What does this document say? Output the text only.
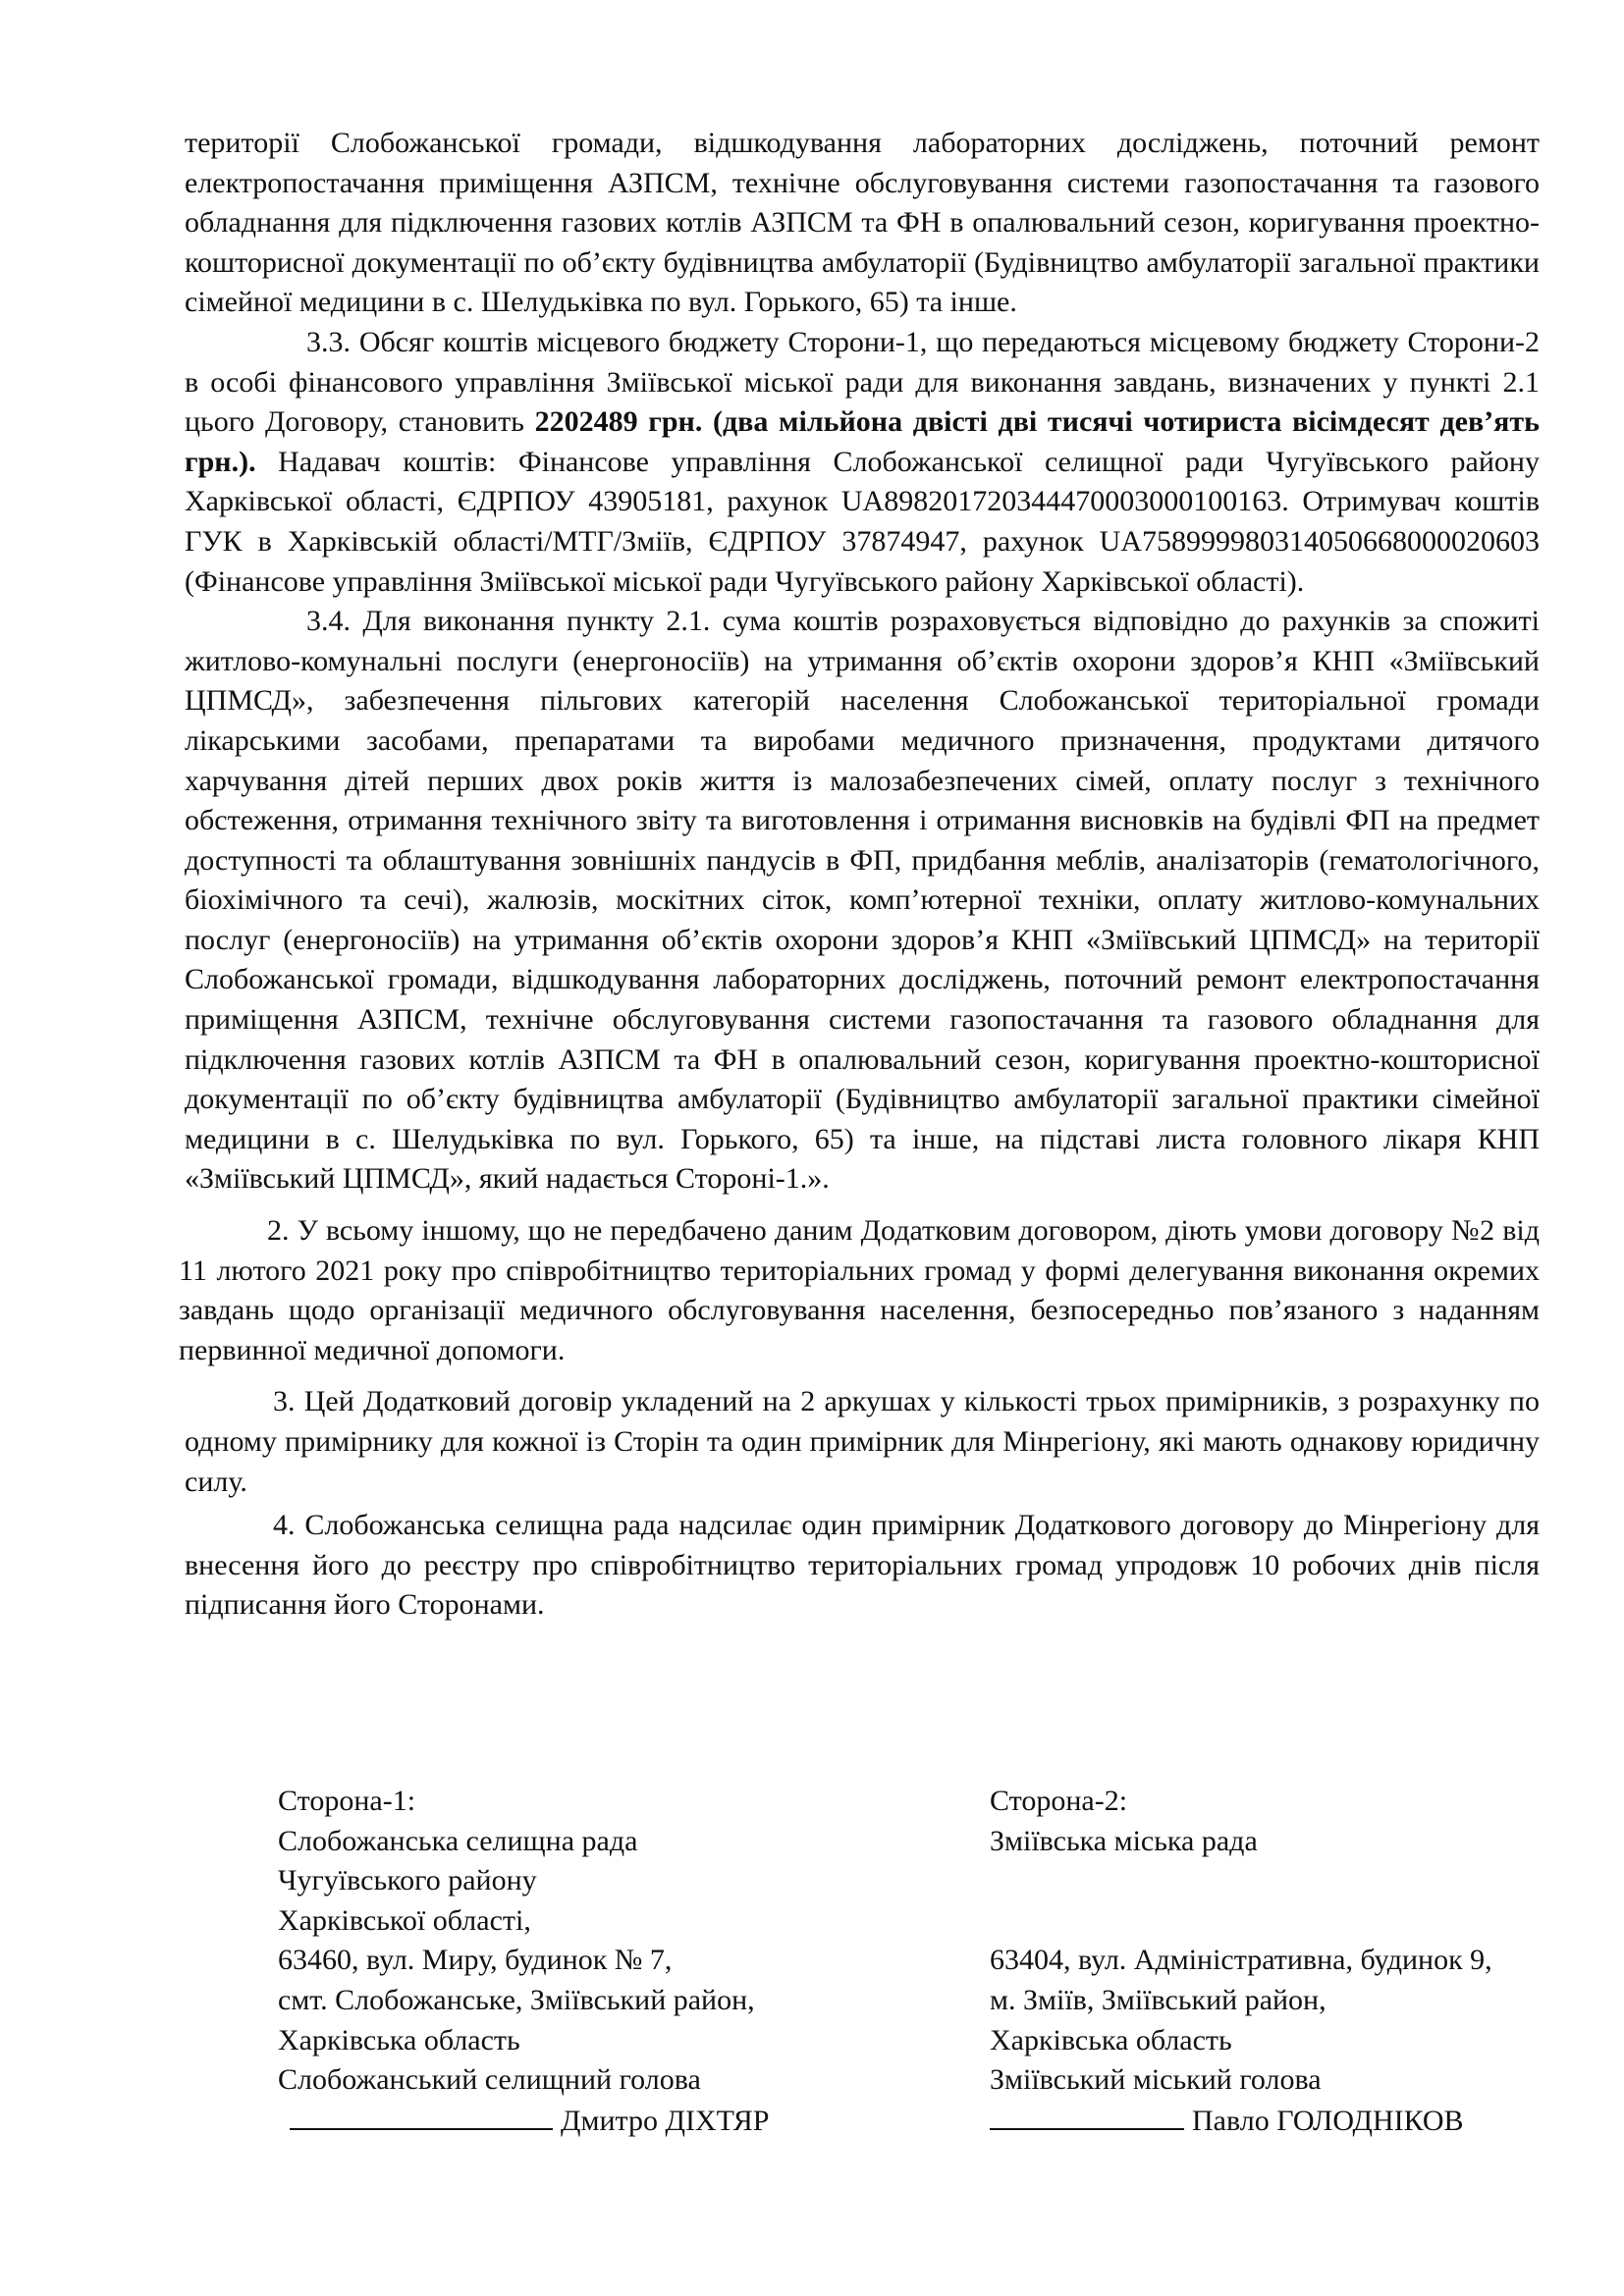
території Слобожанської громади, відшкодування лабораторних досліджень, поточний ремонт електропостачання приміщення АЗПСМ, технічне обслуговування системи газопостачання та газового обладнання для підключення газових котлів АЗПСМ та ФН в опалювальний сезон, коригування проектно-кошторисної документації по об’єкту будівництва амбулаторії (Будівництво амбулаторії загальної практики сімейної медицини в с. Шелудьківка по вул. Горького, 65) та інше.

3.3. Обсяг коштів місцевого бюджету Сторони-1, що передаються місцевому бюджету Сторони-2 в особі фінансового управління Зміївської міської ради для виконання завдань, визначених у пункті 2.1 цього Договору, становить 2202489 грн. (два мільйона двісті дві тисячі чотириста вісімдесят дев’ять грн.). Надавач коштів: Фінансове управління Слобожанської селищної ради Чугуївського району Харківської області, ЄДРПОУ 43905181, рахунок UA898201720344470003000100163. Отримувач коштів ГУК в Харківській області/МТГ/Зміїв, ЄДРПОУ 37874947, рахунок UA758999980314050668000020603 (Фінансове управління Зміївської міської ради Чугуївського району Харківської області).

3.4. Для виконання пункту 2.1. сума коштів розраховується відповідно до рахунків за спожиті житлово-комунальні послуги (енергоносіїв) на утримання об’єктів охорони здоров’я КНП «Зміївський ЦПМСД», забезпечення пільгових категорій населення Слобожанської територіальної громади лікарськими засобами, препаратами та виробами медичного призначення, продуктами дитячого харчування дітей перших двох років життя із малозабезпечених сімей, оплату послуг з технічного обстеження, отримання технічного звіту та виготовлення і отримання висновків на будівлі ФП на предмет доступності та облаштування зовнішніх пандусів в ФП, придбання меблів, аналізаторів (гематологічного, біохімічного та сечі), жалюзів, москітних сіток, комп’ютерної техніки, оплату житлово-комунальних послуг (енергоносіїв) на утримання об’єктів охорони здоров’я КНП «Зміївський ЦПМСД» на території Слобожанської громади, відшкодування лабораторних досліджень, поточний ремонт електропостачання приміщення АЗПСМ, технічне обслуговування системи газопостачання та газового обладнання для підключення газових котлів АЗПСМ та ФН в опалювальний сезон, коригування проектно-кошторисної документації по об’єкту будівництва амбулаторії (Будівництво амбулаторії загальної практики сімейної медицини в с. Шелудьківка по вул. Горького, 65) та інше, на підставі листа головного лікаря КНП «Зміївський ЦПМСД», який надається Стороні-1.».

2. У всьому іншому, що не передбачено даним Додатковим договором, діють умови договору №2 від 11 лютого 2021 року про співробітництво територіальних громад у формі делегування виконання окремих завдань щодо організації медичного обслуговування населення, безпосередньо пов’язаного з наданням первинної медичної допомоги.

3. Цей Додатковий договір укладений на 2 аркушах у кількості трьох примірників, з розрахунку по одному примірнику для кожної із Сторін та один примірник для Мінрегіону, які мають однакову юридичну силу.

4. Слобожанська селищна рада надсилає один примірник Додаткового договору до Мінрегіону для внесення його до реєстру про співробітництво територіальних громад упродовж 10 робочих днів після підписання його Сторонами.

Сторона-1:
Слобожанська селищна рада
Чугуївського району
Харківської області,
63460, вул. Миру, будинок № 7,
смт. Слобожанське, Зміївський район,
Харківська область
Слобожанський селищний голова
Дмитро ДІХТЯР
Сторона-2:
Зміївська міська рада
63404, вул. Адміністративна, будинок 9,
м. Зміїв, Зміївський район,
Харківська область
Зміївський міський голова
Павло ГОЛОДНІКОВ
